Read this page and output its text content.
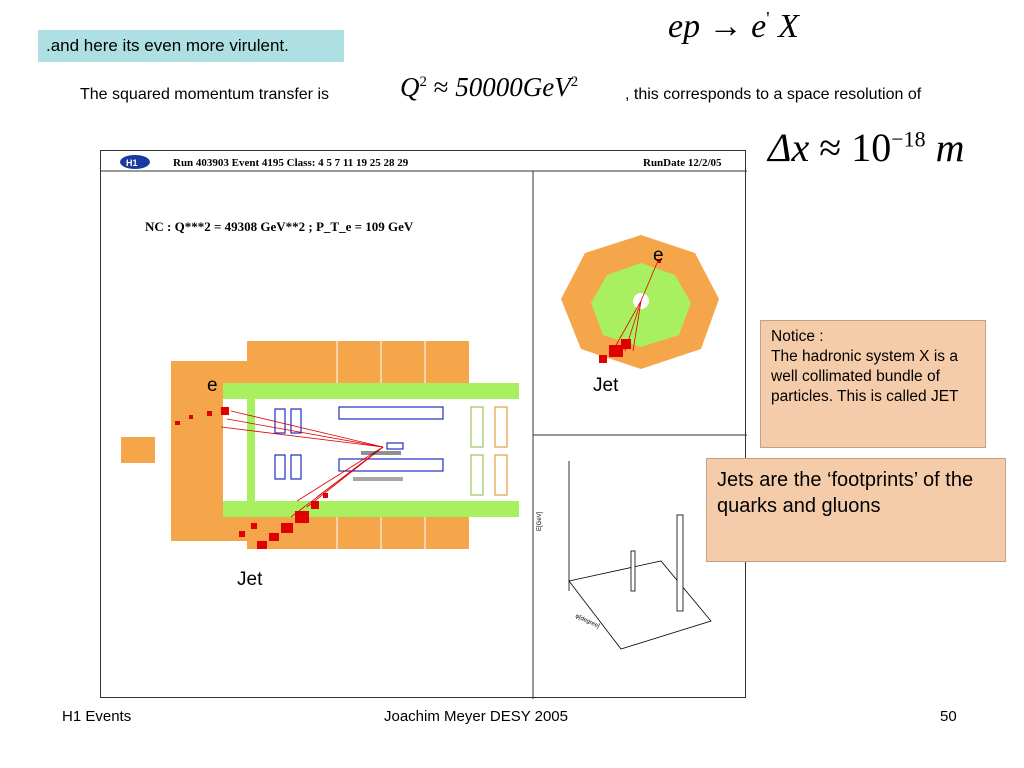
.and here its even more virulent.
ep → e' X
The squared momentum transfer is	$Q^2 \approx 50000GeV^2$
, this corresponds to a space resolution of
$\Delta x \approx 10^{-18}$ m
H1	Run 403903 Event 4195 Class: 4 5 7 11 19 25 28 29	RunDate 12/2/05
NC : Q***2 = 49308 GeV**2 ; P_T_e = 109 GeV
e
Jet
e
Jet
E[GeV]
φ[degree]

Notice :

The hadronic system X is a well collimated bundle of particles. This is called JET

Jets are the ‘footprints’ of the quarks and gluons
H1 Events	Joachim Meyer DESY 2005	50
